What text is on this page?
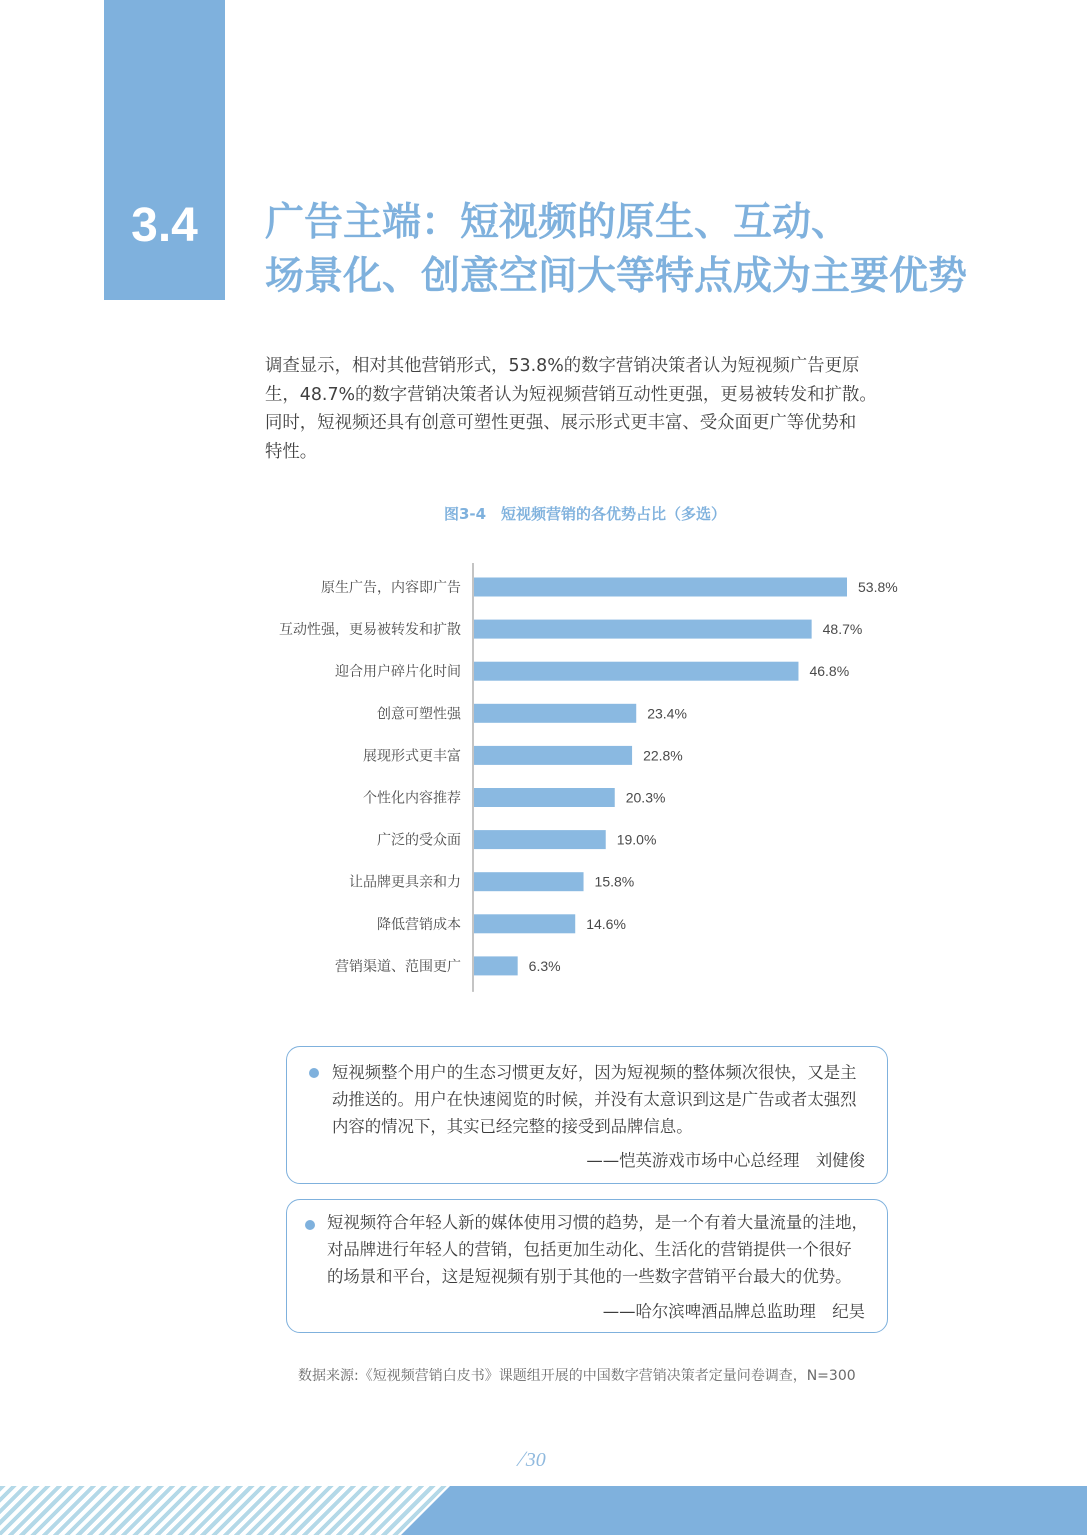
3.4	广告主端：短视频的原生、互动、
场景化、创意空间大等特点成为主要优势
调查显示，相对其他营销形式，53.8%的数字营销决策者认为短视频广告更原
生，48.7%的数字营销决策者认为短视频营销互动性更强，更易被转发和扩散。
同时，短视频还具有创意可塑性更强、展示形式更丰富、受众面更广等优势和
特性。
图3-4　短视频营销的各优势占比（多选）
原生广告，内容即广告	53.8%
互动性强，更易被转发和扩散	48.7%
迎合用户碎片化时间	46.8%
创意可塑性强	23.4%
展现形式更丰富	22.8%
个性化内容推荐	20.3%
广泛的受众面	19.0%
让品牌更具亲和力	15.8%
降低营销成本	14.6%
营销渠道、范围更广	6.3%
短视频整个用户的生态习惯更友好，因为短视频的整体频次很快，又是主
动推送的。用户在快速阅览的时候，并没有太意识到这是广告或者太强烈
内容的情况下，其实已经完整的接受到品牌信息。
——恺英游戏市场中心总经理　刘健俊
短视频符合年轻人新的媒体使用习惯的趋势，是一个有着大量流量的洼地，
对品牌进行年轻人的营销，包括更加生动化、生活化的营销提供一个很好
的场景和平台，这是短视频有别于其他的一些数字营销平台最大的优势。
——哈尔滨啤酒品牌总监助理　纪昊
数据来源:《短视频营销白皮书》课题组开展的中国数字营销决策者定量问卷调查，N=300
∕ 30
